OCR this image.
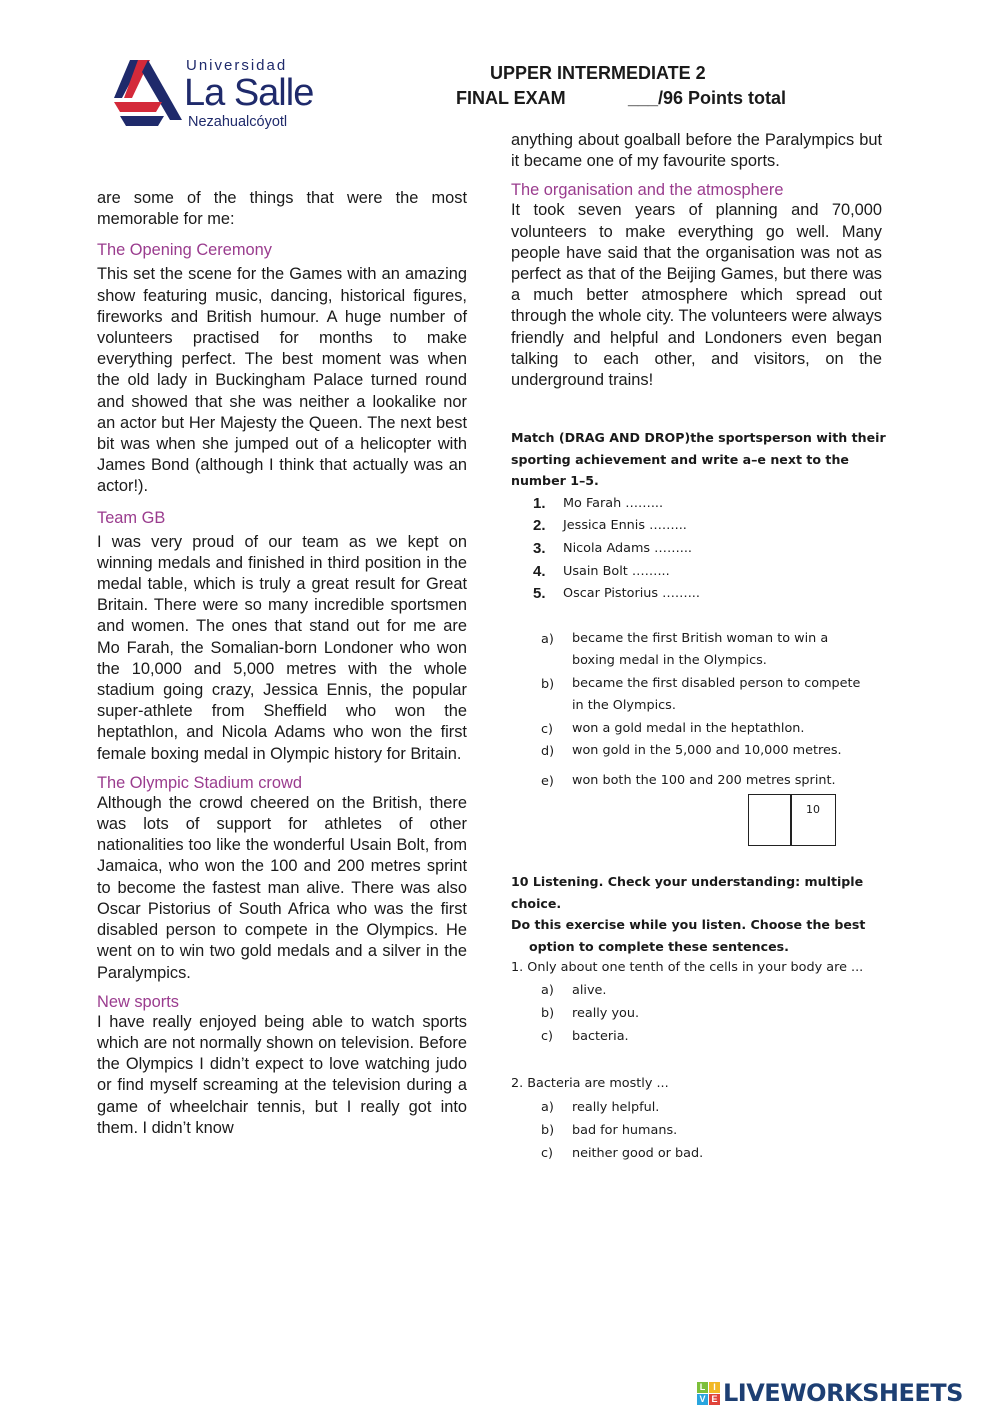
Universidad
La Salle
Nezahualcóyotl
UPPER INTERMEDIATE 2
FINAL EXAM	___/96 Points total

are some of the things that were the most memorable for me:

The Opening Ceremony

This set the scene for the Games with an amazing show featuring music, dancing, historical figures, fireworks and British humour. A huge number of volunteers practised for months to make everything perfect. The best moment was when the old lady in Buckingham Palace turned round and showed that she was neither a lookalike nor an actor but Her Majesty the Queen. The next best bit was when she jumped out of a helicopter with James Bond (although I think that actually was an actor!).

Team GB

I was very proud of our team as we kept on winning medals and finished in third position in the medal table, which is truly a great result for Great Britain. There were so many incredible sportsmen and women. The ones that stand out for me are Mo Farah, the Somalian-born Londoner who won the 10,000 and 5,000 metres with the whole stadium going crazy, Jessica Ennis, the popular super-athlete from Sheffield who won the heptathlon, and Nicola Adams who won the first female boxing medal in Olympic history for Britain.

The Olympic Stadium crowd

Although the crowd cheered on the British, there was lots of support for athletes of other nationalities too like the wonderful Usain Bolt, from Jamaica, who won the 100 and 200 metres sprint to become the fastest man alive. There was also Oscar Pistorius of South Africa who was the first disabled person to compete in the Olympics. He went on to win two gold medals and a silver in the Paralympics.

New sports

I have really enjoyed being able to watch sports which are not normally shown on television. Before the Olympics I didn’t expect to love watching judo or find myself screaming at the television during a game of wheelchair tennis, but I really got into them. I didn’t know

anything about goalball before the Paralympics but it became one of my favourite sports.

The organisation and the atmosphere

It took seven years of planning and 70,000 volunteers to make everything go well. Many people have said that the organisation was not as perfect as that of the Beijing Games, but there was a much better atmosphere which spread out through the whole city. The volunteers were always friendly and helpful and Londoners even began talking to each other, and visitors, on the underground trains!

Match (DRAG AND DROP)the sportsperson with their sporting achievement and write a–e next to the number 1–5.

1. Mo Farah ……...
2. Jessica Ennis ……...
3. Nicola Adams ……...
4. Usain Bolt ……...
5. Oscar Pistorius ……...
a) became the first British woman to win a boxing medal in the Olympics.
b) became the first disabled person to compete in the Olympics.
c) won a gold medal in the heptathlon.
d) won gold in the 5,000 and 10,000 metres.
e) won both the 100 and 200 metres sprint.
10

10 Listening. Check your understanding: multiple choice.

Do this exercise while you listen. Choose the best

option to complete these sentences.

1. Only about one tenth of the cells in your body are ...
a) alive.
b) really you.
c) bacteria.
2. Bacteria are mostly ...
a) really helpful.
b) bad for humans.
c) neither good or bad.
L I
V E LIVEWORKSHEETS
